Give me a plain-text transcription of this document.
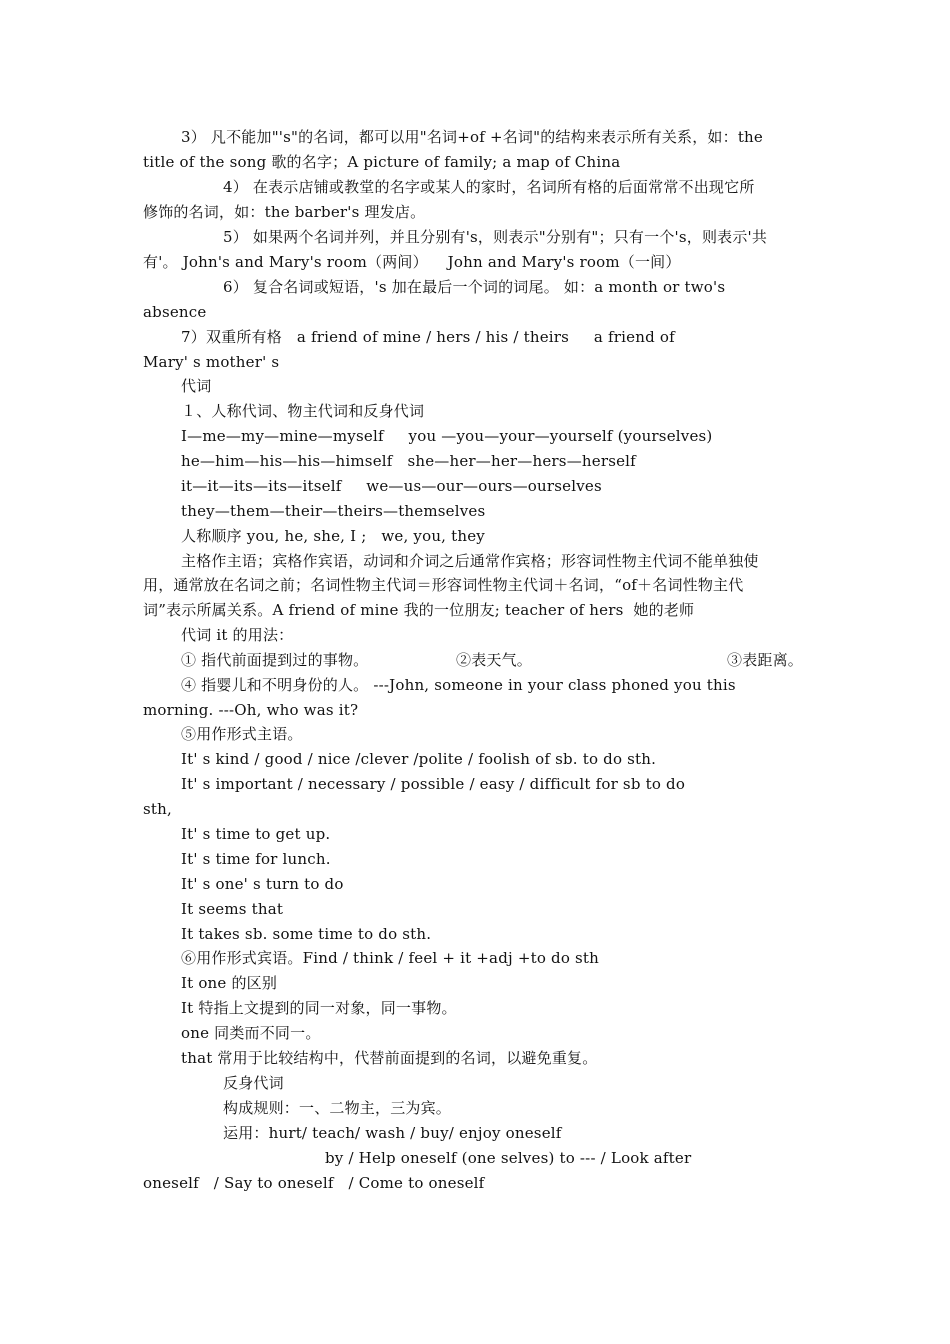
3） 凡不能加"'s"的名词，都可以用"名词+of +名词"的结构来表示所有关系，如：the
title of the song 歌的名字；A picture of family; a map of China
4） 在表示店铺或教堂的名字或某人的家时，名词所有格的后面常常不出现它所
修饰的名词，如：the barber's 理发店。
5） 如果两个名词并列，并且分别有's，则表示"分别有"；只有一个's，则表示'共
有'。 John's and Mary's room（两间）    John and Mary's room（一间）
6） 复合名词或短语，'s 加在最后一个词的词尾。 如：a month or two's
absence
7）双重所有格   a friend of mine / hers / his / theirs     a friend of
Mary' s mother' s
代词
１、人称代词、物主代词和反身代词
I—me—my—mine—myself     you —you—your—yourself (yourselves)
he—him—his—his—himself   she—her—her—hers—herself
it—it—its—its—itself     we—us—our—ours—ourselves
they—them—their—theirs—themselves
人称顺序 you, he, she, I ;   we, you, they
主格作主语；宾格作宾语，动词和介词之后通常作宾格；形容词性物主代词不能单独使
用，通常放在名词之前；名词性物主代词＝形容词性物主代词＋名词，“of＋名词性物主代
词”表示所属关系。A friend of mine 我的一位朋友; teacher of hers  她的老师
代词 it 的用法：
① 指代前面提到过的事物。	②表天气。	③表距离。
④ 指婴儿和不明身份的人。 ---John, someone in your class phoned you this
morning. ---Oh, who was it?
⑤用作形式主语。
It' s kind / good / nice /clever /polite / foolish of sb. to do sth.
It' s important / necessary / possible / easy / difficult for sb to do
sth,
It' s time to get up.
It' s time for lunch.
It' s one' s turn to do
It seems that
It takes sb. some time to do sth.
⑥用作形式宾语。Find / think / feel + it +adj +to do sth
It one 的区别
It 特指上文提到的同一对象，同一事物。
one 同类而不同一。
that 常用于比较结构中，代替前面提到的名词，以避免重复。
反身代词
构成规则：一、二物主，三为宾。
运用：hurt/ teach/ wash / buy/ enjoy oneself
by / Help oneself (one selves) to --- / Look after
oneself   / Say to oneself   / Come to oneself
